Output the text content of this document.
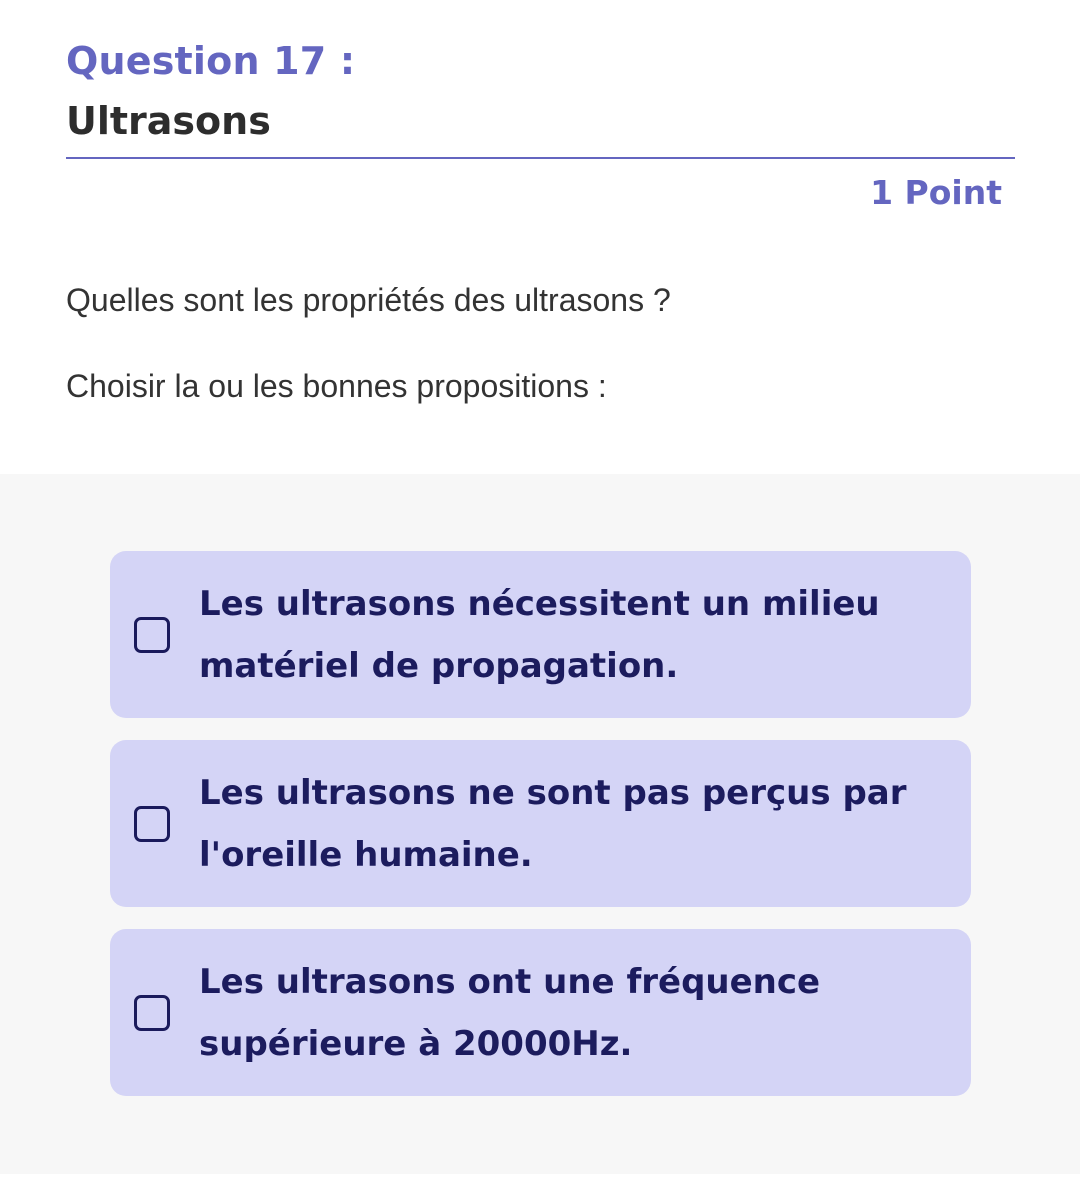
Question 17 :
Ultrasons
1 Point
Quelles sont les propriétés des ultrasons ?
Choisir la ou les bonnes propositions :
Les ultrasons nécessitent un milieu matériel de propagation.
Les ultrasons ne sont pas perçus par l'oreille humaine.
Les ultrasons ont une fréquence supérieure à 20000Hz.
